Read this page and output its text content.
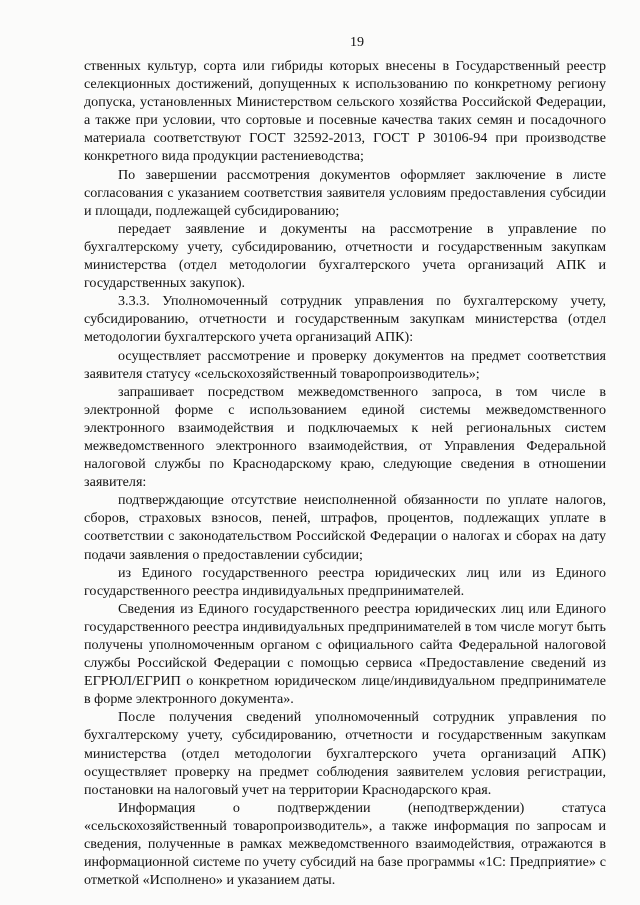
19

ственных культур, сорта или гибриды которых внесены в Государственный реестр селекционных достижений, допущенных к использованию по конкретному региону допуска, установленных Министерством сельского хозяйства Российской Федерации, а также при условии, что сортовые и посевные качества таких семян и посадочного материала соответствуют ГОСТ 32592-2013, ГОСТ Р 30106-94 при производстве конкретного вида продукции растениеводства;

По завершении рассмотрения документов оформляет заключение в листе согласования с указанием соответствия заявителя условиям предоставления субсидии и площади, подлежащей субсидированию;

передает заявление и документы на рассмотрение в управление по бухгалтерскому учету, субсидированию, отчетности и государственным закупкам министерства (отдел методологии бухгалтерского учета организаций АПК и государственных закупок).

3.3.3. Уполномоченный сотрудник управления по бухгалтерскому учету, субсидированию, отчетности и государственным закупкам министерства (отдел методологии бухгалтерского учета организаций АПК):

осуществляет рассмотрение и проверку документов на предмет соответствия заявителя статусу «сельскохозяйственный товаропроизводитель»;

запрашивает посредством межведомственного запроса, в том числе в электронной форме с использованием единой системы межведомственного электронного взаимодействия и подключаемых к ней региональных систем межведомственного электронного взаимодействия, от Управления Федеральной налоговой службы по Краснодарскому краю, следующие сведения в отношении заявителя:

подтверждающие отсутствие неисполненной обязанности по уплате налогов, сборов, страховых взносов, пеней, штрафов, процентов, подлежащих уплате в соответствии с законодательством Российской Федерации о налогах и сборах на дату подачи заявления о предоставлении субсидии;

из Единого государственного реестра юридических лиц или из Единого государственного реестра индивидуальных предпринимателей.

Сведения из Единого государственного реестра юридических лиц или Единого государственного реестра индивидуальных предпринимателей в том числе могут быть получены уполномоченным органом с официального сайта Федеральной налоговой службы Российской Федерации с помощью сервиса «Предоставление сведений из ЕГРЮЛ/ЕГРИП о конкретном юридическом лице/индивидуальном предпринимателе в форме электронного документа».

После получения сведений уполномоченный сотрудник управления по бухгалтерскому учету, субсидированию, отчетности и государственным закупкам министерства (отдел методологии бухгалтерского учета организаций АПК) осуществляет проверку на предмет соблюдения заявителем условия регистрации, постановки на налоговый учет на территории Краснодарского края.

Информация о подтверждении (неподтверждении) статуса «сельскохозяйственный товаропроизводитель», а также информация по запросам и сведения, полученные в рамках межведомственного взаимодействия, отражаются в информационной системе по учету субсидий на базе программы «1С: Предприятие» с отметкой «Исполнено» и указанием даты.
